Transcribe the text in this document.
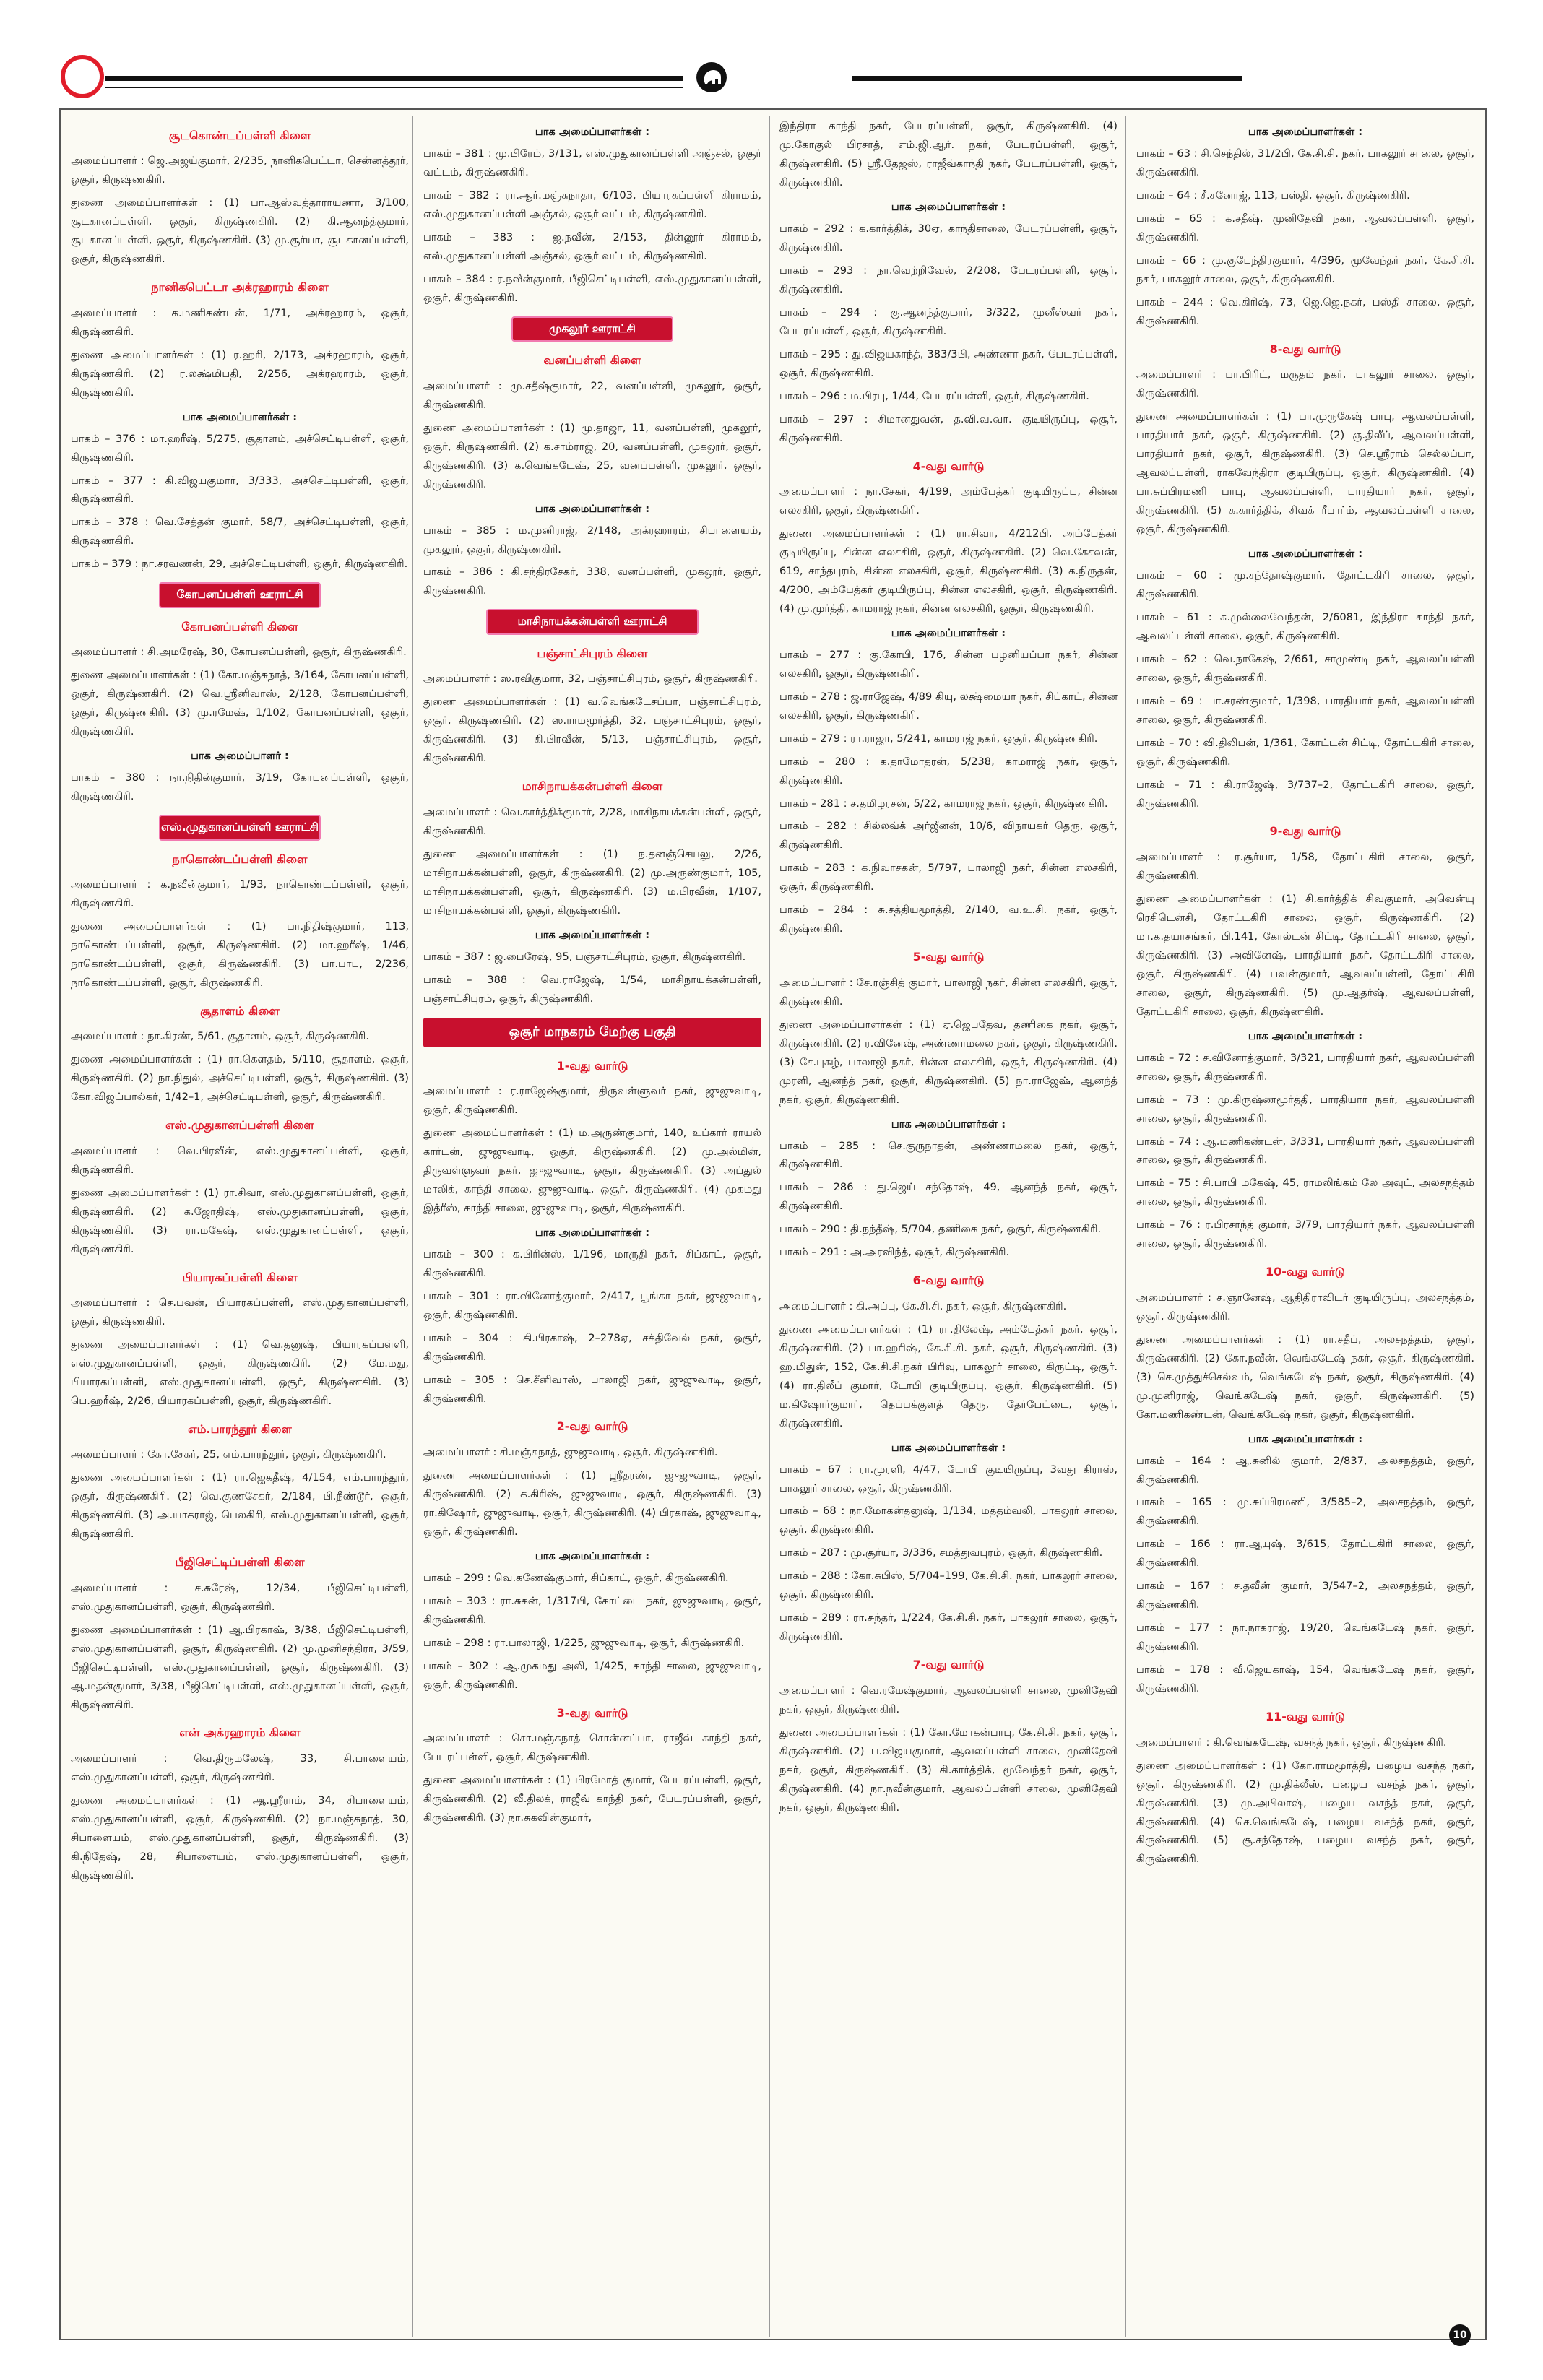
சூடகொண்டப்பள்ளி கிளை

அமைப்பாளர் : ஜெ.அஜய்குமார், 2/235, நானிகபெட்டா, சென்னத்தூர், ஒசூர், கிருஷ்ணகிரி.

துணை அமைப்பாளர்கள் : (1) பா.ஆஸ்வத்தாராயணா, 3/100, சூடகானப்பள்ளி, ஒசூர், கிருஷ்ணகிரி. (2) கி.ஆனந்த்குமார், சூடகானப்பள்ளி, ஒசூர், கிருஷ்ணகிரி. (3) மு.சூர்யா, சூடகானப்பள்ளி, ஒசூர், கிருஷ்ணகிரி.

நானிகபெட்டா அக்ரஹாரம் கிளை

அமைப்பாளர் : க.மணிகண்டன், 1/71, அக்ரஹாரம், ஒசூர், கிருஷ்ணகிரி.

துணை அமைப்பாளர்கள் : (1) ர.ஹரி, 2/173, அக்ரஹாரம், ஒசூர், கிருஷ்ணகிரி. (2) ர.லக்ஷ்மிபதி, 2/256, அக்ரஹாரம், ஒசூர், கிருஷ்ணகிரி.

பாக அமைப்பாளர்கள் :

பாகம் – 376 : மா.ஹரீஷ், 5/275, சூதாளம், அச்செட்டிபள்ளி, ஒசூர், கிருஷ்ணகிரி.

பாகம் – 377 : கி.விஜயகுமார், 3/333, அச்செட்டிபள்ளி, ஒசூர், கிருஷ்ணகிரி.

பாகம் – 378 : வெ.சேத்தன் குமார், 58/7, அச்செட்டிபள்ளி, ஒசூர், கிருஷ்ணகிரி.

பாகம் – 379 : நா.சரவணன், 29, அச்செட்டிபள்ளி, ஒசூர், கிருஷ்ணகிரி.

கோபனப்பள்ளி ஊராட்சி
கோபனப்பள்ளி கிளை

அமைப்பாளர் : சி.அமரேஷ், 30, கோபனப்பள்ளி, ஒசூர், கிருஷ்ணகிரி.

துணை அமைப்பாளர்கள் : (1) கோ.மஞ்சுநாத், 3/164, கோபனப்பள்ளி, ஒசூர், கிருஷ்ணகிரி. (2) வெ.ஸ்ரீனிவாஸ், 2/128, கோபனப்பள்ளி, ஒசூர், கிருஷ்ணகிரி. (3) மு.ரமேஷ், 1/102, கோபனப்பள்ளி, ஒசூர், கிருஷ்ணகிரி.

பாக அமைப்பாளர் :

பாகம் – 380 : நா.நிதின்குமார், 3/19, கோபனப்பள்ளி, ஒசூர், கிருஷ்ணகிரி.

எஸ்.முதுகானப்பள்ளி ஊராட்சி
நாகொண்டப்பள்ளி கிளை

அமைப்பாளர் : க.நவீன்குமார், 1/93, நாகொண்டப்பள்ளி, ஒசூர், கிருஷ்ணகிரி.

துணை அமைப்பாளர்கள் : (1) பா.நிதிஷ்குமார், 113, நாகொண்டப்பள்ளி, ஒசூர், கிருஷ்ணகிரி. (2) மா.ஹரீஷ், 1/46, நாகொண்டப்பள்ளி, ஒசூர், கிருஷ்ணகிரி. (3) பா.பாபு, 2/236, நாகொண்டப்பள்ளி, ஒசூர், கிருஷ்ணகிரி.

சூதாளம் கிளை

அமைப்பாளர் : நா.கிரண், 5/61, சூதாளம், ஒசூர், கிருஷ்ணகிரி.

துணை அமைப்பாளர்கள் : (1) ரா.கௌதம், 5/110, சூதாளம், ஒசூர், கிருஷ்ணகிரி. (2) நா.நிதுல், அச்செட்டிபள்ளி, ஒசூர், கிருஷ்ணகிரி. (3) கோ.விஜய்பால்கர், 1/42–1, அச்செட்டிபள்ளி, ஒசூர், கிருஷ்ணகிரி.

எஸ்.முதுகானப்பள்ளி கிளை

அமைப்பாளர் : வெ.பிரவீன், எஸ்.முதுகானப்பள்ளி, ஒசூர், கிருஷ்ணகிரி.

துணை அமைப்பாளர்கள் : (1) ரா.சிவா, எஸ்.முதுகானப்பள்ளி, ஒசூர், கிருஷ்ணகிரி. (2) க.ஜோதிஷ், எஸ்.முதுகானப்பள்ளி, ஒசூர், கிருஷ்ணகிரி. (3) ரா.மகேஷ், எஸ்.முதுகானப்பள்ளி, ஒசூர், கிருஷ்ணகிரி.

பியாரகப்பள்ளி கிளை

அமைப்பாளர் : செ.பவன், பியாரகப்பள்ளி, எஸ்.முதுகானப்பள்ளி, ஒசூர், கிருஷ்ணகிரி.

துணை அமைப்பாளர்கள் : (1) வெ.தனுஷ், பியாரகப்பள்ளி, எஸ்.முதுகானப்பள்ளி, ஒசூர், கிருஷ்ணகிரி. (2) மே.மது, பியாரகப்பள்ளி, எஸ்.முதுகானப்பள்ளி, ஒசூர், கிருஷ்ணகிரி. (3) பெ.ஹரீஷ், 2/26, பியாரகப்பள்ளி, ஒசூர், கிருஷ்ணகிரி.

எம்.பாரந்தூர் கிளை

அமைப்பாளர் : கோ.சேகர், 25, எம்.பாரந்தூர், ஒசூர், கிருஷ்ணகிரி.

துணை அமைப்பாளர்கள் : (1) ரா.ஜெகதீஷ், 4/154, எம்.பாரந்தூர், ஒசூர், கிருஷ்ணகிரி. (2) வெ.குணசேகர், 2/184, பி.நீண்டூர், ஒசூர், கிருஷ்ணகிரி. (3) அ.யாகராஜ், பெலகிரி, எஸ்.முதுகானப்பள்ளி, ஒசூர், கிருஷ்ணகிரி.

பீஜிசெட்டிப்பள்ளி கிளை

அமைப்பாளர் : ச.சுரேஷ், 12/34, பீஜிசெட்டிபள்ளி, எஸ்.முதுகானப்பள்ளி, ஒசூர், கிருஷ்ணகிரி.

துணை அமைப்பாளர்கள் : (1) ஆ.பிரகாஷ், 3/38, பீஜிசெட்டிபள்ளி, எஸ்.முதுகானப்பள்ளி, ஒசூர், கிருஷ்ணகிரி. (2) மு.முனிசந்திரா, 3/59, பீஜிசெட்டிபள்ளி, எஸ்.முதுகானப்பள்ளி, ஒசூர், கிருஷ்ணகிரி. (3) ஆ.மதன்குமார், 3/38, பீஜிசெட்டிபள்ளி, எஸ்.முதுகானப்பள்ளி, ஒசூர், கிருஷ்ணகிரி.

என் அக்ரஹாரம் கிளை

அமைப்பாளர் : வெ.திருமலேஷ், 33, சி.பாளையம், எஸ்.முதுகானப்பள்ளி, ஒசூர், கிருஷ்ணகிரி.

துணை அமைப்பாளர்கள் : (1) ஆ.ஸ்ரீராம், 34, சிபாளையம், எஸ்.முதுகானப்பள்ளி, ஒசூர், கிருஷ்ணகிரி. (2) நா.மஞ்சுநாத், 30, சிபாளையம், எஸ்.முதுகானப்பள்ளி, ஒசூர், கிருஷ்ணகிரி. (3) கி.நிதேஷ், 28, சிபாளையம், எஸ்.முதுகானப்பள்ளி, ஒசூர், கிருஷ்ணகிரி.

பாக அமைப்பாளர்கள் :

பாகம் – 381 : மு.பிரேம், 3/131, எஸ்.முதுகானப்பள்ளி அஞ்சல், ஒசூர் வட்டம், கிருஷ்ணகிரி.

பாகம் – 382 : ரா.ஆர்.மஞ்சுநாதா, 6/103, பியாரகப்பள்ளி கிராமம், எஸ்.முதுகானப்பள்ளி அஞ்சல், ஒசூர் வட்டம், கிருஷ்ணகிரி.

பாகம் – 383 : ஜ.நவீன், 2/153, தின்னூர் கிராமம், எஸ்.முதுகானப்பள்ளி அஞ்சல், ஒசூர் வட்டம், கிருஷ்ணகிரி.

பாகம் – 384 : ர.நவீன்குமார், பீஜிசெட்டிபள்ளி, எஸ்.முதுகானப்பள்ளி, ஒசூர், கிருஷ்ணகிரி.

முகலூர் ஊராட்சி
வனப்பள்ளி கிளை

அமைப்பாளர் : மு.சதீஷ்குமார், 22, வனப்பள்ளி, முகலூர், ஒசூர், கிருஷ்ணகிரி.

துணை அமைப்பாளர்கள் : (1) மு.தாஜா, 11, வனப்பள்ளி, முகலூர், ஒசூர், கிருஷ்ணகிரி. (2) க.சாம்ராஜ், 20, வனப்பள்ளி, முகலூர், ஒசூர், கிருஷ்ணகிரி. (3) க.வெங்கடேஷ், 25, வனப்பள்ளி, முகலூர், ஒசூர், கிருஷ்ணகிரி.

பாக அமைப்பாளர்கள் :

பாகம் – 385 : ம.முனிராஜ், 2/148, அக்ரஹாரம், சிபாளையம், முகலூர், ஒசூர், கிருஷ்ணகிரி.

பாகம் – 386 : கி.சந்திரசேகர், 338, வனப்பள்ளி, முகலூர், ஒசூர், கிருஷ்ணகிரி.

மாசிநாயக்கன்பள்ளி ஊராட்சி
பஞ்சாட்சிபுரம் கிளை

அமைப்பாளர் : ஸ.ரவிகுமார், 32, பஞ்சாட்சிபுரம், ஒசூர், கிருஷ்ணகிரி.

துணை அமைப்பாளர்கள் : (1) வ.வெங்கடேசப்பா, பஞ்சாட்சிபுரம், ஒசூர், கிருஷ்ணகிரி. (2) ஸ.ராமமூர்த்தி, 32, பஞ்சாட்சிபுரம், ஒசூர், கிருஷ்ணகிரி. (3) கி.பிரவீன், 5/13, பஞ்சாட்சிபுரம், ஒசூர், கிருஷ்ணகிரி.

மாசிநாயக்கன்பள்ளி கிளை

அமைப்பாளர் : வெ.கார்த்திக்குமார், 2/28, மாசிநாயக்கன்பள்ளி, ஒசூர், கிருஷ்ணகிரி.

துணை அமைப்பாளர்கள் : (1) ந.தனஞ்செயலு, 2/26, மாசிநாயக்கன்பள்ளி, ஒசூர், கிருஷ்ணகிரி. (2) மு.அருண்குமார், 105, மாசிநாயக்கன்பள்ளி, ஒசூர், கிருஷ்ணகிரி. (3) ம.பிரவீன், 1/107, மாசிநாயக்கன்பள்ளி, ஒசூர், கிருஷ்ணகிரி.

பாக அமைப்பாளர்கள் :

பாகம் – 387 : ஜ.பைரேஷ், 95, பஞ்சாட்சிபுரம், ஒசூர், கிருஷ்ணகிரி.

பாகம் – 388 : வெ.ராஜேஷ், 1/54, மாசிநாயக்கன்பள்ளி, பஞ்சாட்சிபுரம், ஒசூர், கிருஷ்ணகிரி.

ஒசூர் மாநகரம் மேற்கு பகுதி
1-வது வார்டு

அமைப்பாளர் : ர.ராஜேஷ்குமார், திருவள்ளுவர் நகர், ஜுஜுவாடி, ஒசூர், கிருஷ்ணகிரி.

துணை அமைப்பாளர்கள் : (1) ம.அருண்குமார், 140, உப்கார் ராயல் கார்டன், ஜுஜுவாடி, ஒசூர், கிருஷ்ணகிரி. (2) மு.அல்மின், திருவள்ளுவர் நகர், ஜுஜுவாடி, ஒசூர், கிருஷ்ணகிரி. (3) அப்துல் மாலிக், காந்தி சாலை, ஜுஜுவாடி, ஒசூர், கிருஷ்ணகிரி. (4) முகமது இத்ரீஸ், காந்தி சாலை, ஜுஜுவாடி, ஒசூர், கிருஷ்ணகிரி.

பாக அமைப்பாளர்கள் :

பாகம் – 300 : க.பிரின்ஸ், 1/196, மாருதி நகர், சிப்காட், ஒசூர், கிருஷ்ணகிரி.

பாகம் – 301 : ரா.வினோத்குமார், 2/417, பூங்கா நகர், ஜுஜுவாடி, ஒசூர், கிருஷ்ணகிரி.

பாகம் – 304 : கி.பிரகாஷ், 2–278ஏ, சக்திவேல் நகர், ஒசூர், கிருஷ்ணகிரி.

பாகம் – 305 : செ.சீனிவாஸ், பாலாஜி நகர், ஜுஜுவாடி, ஒசூர், கிருஷ்ணகிரி.

2-வது வார்டு

அமைப்பாளர் : சி.மஞ்சுநாத், ஜுஜுவாடி, ஒசூர், கிருஷ்ணகிரி.

துணை அமைப்பாளர்கள் : (1) ஸ்ரீதரண், ஜுஜுவாடி, ஒசூர், கிருஷ்ணகிரி. (2) க.கிரிஷ், ஜுஜுவாடி, ஒசூர், கிருஷ்ணகிரி. (3) ரா.கிஷோர், ஜுஜுவாடி, ஒசூர், கிருஷ்ணகிரி. (4) பிரகாஷ், ஜுஜுவாடி, ஒசூர், கிருஷ்ணகிரி.

பாக அமைப்பாளர்கள் :

பாகம் – 299 : வெ.கணேஷ்குமார், சிப்காட், ஒசூர், கிருஷ்ணகிரி.

பாகம் – 303 : ரா.சுகன், 1/317பி, கோட்டை நகர், ஜுஜுவாடி, ஒசூர், கிருஷ்ணகிரி.

பாகம் – 298 : ரா.பாலாஜி, 1/225, ஜுஜுவாடி, ஒசூர், கிருஷ்ணகிரி.

பாகம் – 302 : ஆ.முகமது அலி, 1/425, காந்தி சாலை, ஜுஜுவாடி, ஒசூர், கிருஷ்ணகிரி.

3-வது வார்டு

அமைப்பாளர் : சொ.மஞ்சுநாத் சொன்னப்பா, ராஜீவ் காந்தி நகர், பேடரப்பள்ளி, ஒசூர், கிருஷ்ணகிரி.

துணை அமைப்பாளர்கள் : (1) பிரமோத் குமார், பேடரப்பள்ளி, ஒசூர், கிருஷ்ணகிரி. (2) வீ.திலக், ராஜீவ் காந்தி நகர், பேடரப்பள்ளி, ஒசூர், கிருஷ்ணகிரி. (3) நா.சுகவின்குமார்,

இந்திரா காந்தி நகர், பேடரப்பள்ளி, ஒசூர், கிருஷ்ணகிரி. (4) மு.கோகுல் பிரசாத், எம்.ஜி.ஆர். நகர், பேடரப்பள்ளி, ஒசூர், கிருஷ்ணகிரி. (5) ஸ்ரீ.தேஜஸ், ராஜீவ்காந்தி நகர், பேடரப்பள்ளி, ஒசூர், கிருஷ்ணகிரி.

பாக அமைப்பாளர்கள் :

பாகம் – 292 : க.கார்த்திக், 30ஏ, காந்திசாலை, பேடரப்பள்ளி, ஒசூர், கிருஷ்ணகிரி.

பாகம் – 293 : நா.வெற்றிவேல், 2/208, பேடரப்பள்ளி, ஒசூர், கிருஷ்ணகிரி.

பாகம் – 294 : கு.ஆனந்த்குமார், 3/322, முனீஸ்வர் நகர், பேடரப்பள்ளி, ஒசூர், கிருஷ்ணகிரி.

பாகம் – 295 : து.விஜயகாந்த், 383/3பி, அண்ணா நகர், பேடரப்பள்ளி, ஒசூர், கிருஷ்ணகிரி.

பாகம் – 296 : ம.பிரபு, 1/44, பேடரப்பள்ளி, ஒசூர், கிருஷ்ணகிரி.

பாகம் – 297 : சிமானதுவன், த.வி.வ.வா. குடியிருப்பு, ஒசூர், கிருஷ்ணகிரி.

4-வது வார்டு

அமைப்பாளர் : நா.சேகர், 4/199, அம்பேத்கர் குடியிருப்பு, சின்ன எலசகிரி, ஒசூர், கிருஷ்ணகிரி.

துணை அமைப்பாளர்கள் : (1) ரா.சிவா, 4/212பி, அம்பேத்கர் குடியிருப்பு, சின்ன எலசகிரி, ஒசூர், கிருஷ்ணகிரி. (2) வெ.கேசவன், 619, சாந்தபுரம், சின்ன எலசகிரி, ஒசூர், கிருஷ்ணகிரி. (3) க.நிருதன், 4/200, அம்பேத்கர் குடியிருப்பு, சின்ன எலசகிரி, ஒசூர், கிருஷ்ணகிரி. (4) மு.முர்த்தி, காமராஜ் நகர், சின்ன எலசகிரி, ஒசூர், கிருஷ்ணகிரி.

பாக அமைப்பாளர்கள் :

பாகம் – 277 : கு.கோபி, 176, சின்ன பழனியப்பா நகர், சின்ன எலசகிரி, ஒசூர், கிருஷ்ணகிரி.

பாகம் – 278 : ஜ.ராஜேஷ், 4/89 கியு, லக்ஷ்மையா நகர், சிப்காட், சின்ன எலசகிரி, ஒசூர், கிருஷ்ணகிரி.

பாகம் – 279 : ரா.ராஜா, 5/241, காமராஜ் நகர், ஒசூர், கிருஷ்ணகிரி.

பாகம் – 280 : க.தாமோதரன், 5/238, காமராஜ் நகர், ஒசூர், கிருஷ்ணகிரி.

பாகம் – 281 : ச.தமிழரசன், 5/22, காமராஜ் நகர், ஒசூர், கிருஷ்ணகிரி.

பாகம் – 282 : சில்லவ்க் அர்ஜீனன், 10/6, விநாயகர் தெரு, ஒசூர், கிருஷ்ணகிரி.

பாகம் – 283 : க.நிவாசகன், 5/797, பாலாஜி நகர், சின்ன எலசகிரி, ஒசூர், கிருஷ்ணகிரி.

பாகம் – 284 : சு.சத்தியமூர்த்தி, 2/140, வ.உ.சி. நகர், ஒசூர், கிருஷ்ணகிரி.

5-வது வார்டு

அமைப்பாளர் : சே.ரஞ்சித் குமார், பாலாஜி நகர், சின்ன எலசகிரி, ஒசூர், கிருஷ்ணகிரி.

துணை அமைப்பாளர்கள் : (1) ஏ.ஜெபதேவ், தணிகை நகர், ஒசூர், கிருஷ்ணகிரி. (2) ர.வினேஷ், அண்ணாமலை நகர், ஒசூர், கிருஷ்ணகிரி. (3) சே.புகழ், பாலாஜி நகர், சின்ன எலசகிரி, ஒசூர், கிருஷ்ணகிரி. (4) முரளி, ஆனந்த் நகர், ஒசூர், கிருஷ்ணகிரி. (5) நா.ராஜேஷ், ஆனந்த் நகர், ஒசூர், கிருஷ்ணகிரி.

பாக அமைப்பாளர்கள் :

பாகம் – 285 : செ.குருநாதன், அண்ணாமலை நகர், ஒசூர், கிருஷ்ணகிரி.

பாகம் – 286 : து.ஜெய் சந்தோஷ், 49, ஆனந்த் நகர், ஒசூர், கிருஷ்ணகிரி.

பாகம் – 290 : தி.நந்தீஷ், 5/704, தணிகை நகர், ஒசூர், கிருஷ்ணகிரி.

பாகம் – 291 : அ.அரவிந்த், ஒசூர், கிருஷ்ணகிரி.

6-வது வார்டு

அமைப்பாளர் : கி.அப்பு, கே.சி.சி. நகர், ஒசூர், கிருஷ்ணகிரி.

துணை அமைப்பாளர்கள் : (1) ரா.திலேஷ், அம்பேத்கர் நகர், ஒசூர், கிருஷ்ணகிரி. (2) பா.ஹரிஷ், கே.சி.சி. நகர், ஒசூர், கிருஷ்ணகிரி. (3) ஹ.மிதுன், 152, கே.சி.சி.நகர் பிரிவு, பாகலூர் சாலை, கிருட்டி, ஒசூர். (4) ரா.திலீப் குமார், டோபி குடியிருப்பு, ஒசூர், கிருஷ்ணகிரி. (5) ம.கிஷோர்குமார், தெப்பக்குளத் தெரு, தேர்பேட்டை, ஒசூர், கிருஷ்ணகிரி.

பாக அமைப்பாளர்கள் :

பாகம் – 67 : ரா.முரளி, 4/47, டோபி குடியிருப்பு, 3வது கிராஸ், பாகலூர் சாலை, ஒசூர், கிருஷ்ணகிரி.

பாகம் – 68 : நா.மோகன்தனுஷ், 1/134, மத்தம்வலி, பாகலூர் சாலை, ஒசூர், கிருஷ்ணகிரி.

பாகம் – 287 : மு.சூர்யா, 3/336, சமத்துவபுரம், ஒசூர், கிருஷ்ணகிரி.

பாகம் – 288 : கோ.சுபிஸ், 5/704–199, கே.சி.சி. நகர், பாகலூர் சாலை, ஒசூர், கிருஷ்ணகிரி.

பாகம் – 289 : ரா.சுந்தர், 1/224, கே.சி.சி. நகர், பாகலூர் சாலை, ஒசூர், கிருஷ்ணகிரி.

7-வது வார்டு

அமைப்பாளர் : வெ.ரமேஷ்குமார், ஆவலப்பள்ளி சாலை, முனிதேவி நகர், ஒசூர், கிருஷ்ணகிரி.

துணை அமைப்பாளர்கள் : (1) கோ.மோகன்பாபு, கே.சி.சி. நகர், ஒசூர், கிருஷ்ணகிரி. (2) ப.விஜயகுமார், ஆவலப்பள்ளி சாலை, முனிதேவி நகர், ஒசூர், கிருஷ்ணகிரி. (3) கி.கார்த்திக், மூவேந்தர் நகர், ஒசூர், கிருஷ்ணகிரி. (4) நா.நவீன்குமார், ஆவலப்பள்ளி சாலை, முனிதேவி நகர், ஒசூர், கிருஷ்ணகிரி.

பாக அமைப்பாளர்கள் :

பாகம் – 63 : சி.செந்தில், 31/2பி, கே.சி.சி. நகர், பாகலூர் சாலை, ஒசூர், கிருஷ்ணகிரி.

பாகம் – 64 : சீ.சனோஜ், 113, பஸ்தி, ஒசூர், கிருஷ்ணகிரி.

பாகம் – 65 : க.சதீஷ், முனிதேவி நகர், ஆவலப்பள்ளி, ஒசூர், கிருஷ்ணகிரி.

பாகம் – 66 : மு.குபேந்திரகுமார், 4/396, மூவேந்தர் நகர், கே.சி.சி. நகர், பாகலூர் சாலை, ஒசூர், கிருஷ்ணகிரி.

பாகம் – 244 : வெ.கிரிஷ், 73, ஜெ.ஜெ.நகர், பஸ்தி சாலை, ஒசூர், கிருஷ்ணகிரி.

8-வது வார்டு

அமைப்பாளர் : பா.பிரிட், மருதம் நகர், பாகலூர் சாலை, ஒசூர், கிருஷ்ணகிரி.

துணை அமைப்பாளர்கள் : (1) பா.முருகேஷ் பாபு, ஆவலப்பள்ளி, பாரதியார் நகர், ஒசூர், கிருஷ்ணகிரி. (2) கு.திலீப், ஆவலப்பள்ளி, பாரதியார் நகர், ஒசூர், கிருஷ்ணகிரி. (3) செ.ஸ்ரீராம் செல்லப்பா, ஆவலப்பள்ளி, ராகவேந்திரா குடியிருப்பு, ஒசூர், கிருஷ்ணகிரி. (4) பா.சுப்பிரமணி பாபு, ஆவலப்பள்ளி, பாரதியார் நகர், ஒசூர், கிருஷ்ணகிரி. (5) க.கார்த்திக், சிவக் ரீபார்ம், ஆவலப்பள்ளி சாலை, ஒசூர், கிருஷ்ணகிரி.

பாக அமைப்பாளர்கள் :

பாகம் – 60 : மு.சந்தோஷ்குமார், தோட்டகிரி சாலை, ஒசூர், கிருஷ்ணகிரி.

பாகம் – 61 : சு.முல்லைவேந்தன், 2/6081, இந்திரா காந்தி நகர், ஆவலப்பள்ளி சாலை, ஒசூர், கிருஷ்ணகிரி.

பாகம் – 62 : வெ.நாகேஷ், 2/661, சாமுண்டி நகர், ஆவலப்பள்ளி சாலை, ஒசூர், கிருஷ்ணகிரி.

பாகம் – 69 : பா.சரண்குமார், 1/398, பாரதியார் நகர், ஆவலப்பள்ளி சாலை, ஒசூர், கிருஷ்ணகிரி.

பாகம் – 70 : வி.திலிபன், 1/361, கோட்டன் சிட்டி, தோட்டகிரி சாலை, ஒசூர், கிருஷ்ணகிரி.

பாகம் – 71 : கி.ராஜேஷ், 3/737–2, தோட்டகிரி சாலை, ஒசூர், கிருஷ்ணகிரி.

9-வது வார்டு

அமைப்பாளர் : ர.சூர்யா, 1/58, தோட்டகிரி சாலை, ஒசூர், கிருஷ்ணகிரி.

துணை அமைப்பாளர்கள் : (1) சி.கார்த்திக் சிவகுமார், அவென்யு ரெசிடென்சி, தோட்டகிரி சாலை, ஒசூர், கிருஷ்ணகிரி. (2) மா.க.தயாசங்கர், பி.141, கோல்டன் சிட்டி, தோட்டகிரி சாலை, ஒசூர், கிருஷ்ணகிரி. (3) அவினேஷ், பாரதியார் நகர், தோட்டகிரி சாலை, ஒசூர், கிருஷ்ணகிரி. (4) பவன்குமார், ஆவலப்பள்ளி, தோட்டகிரி சாலை, ஒசூர், கிருஷ்ணகிரி. (5) மு.ஆதர்ஷ், ஆவலப்பள்ளி, தோட்டகிரி சாலை, ஒசூர், கிருஷ்ணகிரி.

பாக அமைப்பாளர்கள் :

பாகம் – 72 : ச.வினோத்குமார், 3/321, பாரதியார் நகர், ஆவலப்பள்ளி சாலை, ஒசூர், கிருஷ்ணகிரி.

பாகம் – 73 : மு.கிருஷ்ணமூர்த்தி, பாரதியார் நகர், ஆவலப்பள்ளி சாலை, ஒசூர், கிருஷ்ணகிரி.

பாகம் – 74 : ஆ.மணிகண்டன், 3/331, பாரதியார் நகர், ஆவலப்பள்ளி சாலை, ஒசூர், கிருஷ்ணகிரி.

பாகம் – 75 : சி.பாபி மகேஷ், 45, ராமலிங்கம் லே அவுட், அலசநத்தம் சாலை, ஒசூர், கிருஷ்ணகிரி.

பாகம் – 76 : ர.பிரசாந்த் குமார், 3/79, பாரதியார் நகர், ஆவலப்பள்ளி சாலை, ஒசூர், கிருஷ்ணகிரி.

10-வது வார்டு

அமைப்பாளர் : ச.ஞானேஷ், ஆதிதிராவிடர் குடியிருப்பு, அலசநத்தம், ஒசூர், கிருஷ்ணகிரி.

துணை அமைப்பாளர்கள் : (1) ரா.சதீப், அலசநத்தம், ஒசூர், கிருஷ்ணகிரி. (2) கோ.நவீன், வெங்கடேஷ் நகர், ஒசூர், கிருஷ்ணகிரி. (3) செ.முத்துச்செல்வம், வெங்கடேஷ் நகர், ஒசூர், கிருஷ்ணகிரி. (4) மு.முனிராஜ், வெங்கடேஷ் நகர், ஒசூர், கிருஷ்ணகிரி. (5) கோ.மணிகண்டன், வெங்கடேஷ் நகர், ஒசூர், கிருஷ்ணகிரி.

பாக அமைப்பாளர்கள் :

பாகம் – 164 : ஆ.சுனில் குமார், 2/837, அலசநத்தம், ஒசூர், கிருஷ்ணகிரி.

பாகம் – 165 : மு.சுப்பிரமணி, 3/585–2, அலசநத்தம், ஒசூர், கிருஷ்ணகிரி.

பாகம் – 166 : ரா.ஆயுஷ், 3/615, தோட்டகிரி சாலை, ஒசூர், கிருஷ்ணகிரி.

பாகம் – 167 : ச.தவீன் குமார், 3/547–2, அலசநத்தம், ஒசூர், கிருஷ்ணகிரி.

பாகம் – 177 : நா.நாகராஜ், 19/20, வெங்கடேஷ் நகர், ஒசூர், கிருஷ்ணகிரி.

பாகம் – 178 : வீ.ஜெயகாஷ், 154, வெங்கடேஷ் நகர், ஒசூர், கிருஷ்ணகிரி.

11-வது வார்டு

அமைப்பாளர் : கி.வெங்கடேஷ், வசந்த் நகர், ஒசூர், கிருஷ்ணகிரி.

துணை அமைப்பாளர்கள் : (1) கோ.ராமமூர்த்தி, பழைய வசந்த் நகர், ஒசூர், கிருஷ்ணகிரி. (2) மு.திக்லீஸ், பழைய வசந்த் நகர், ஒசூர், கிருஷ்ணகிரி. (3) மு.அபிலாஷ், பழைய வசந்த் நகர், ஒசூர், கிருஷ்ணகிரி. (4) செ.வெங்கடேஷ், பழைய வசந்த் நகர், ஒசூர், கிருஷ்ணகிரி. (5) சூ.சந்தோஷ், பழைய வசந்த் நகர், ஒசூர், கிருஷ்ணகிரி.

10
